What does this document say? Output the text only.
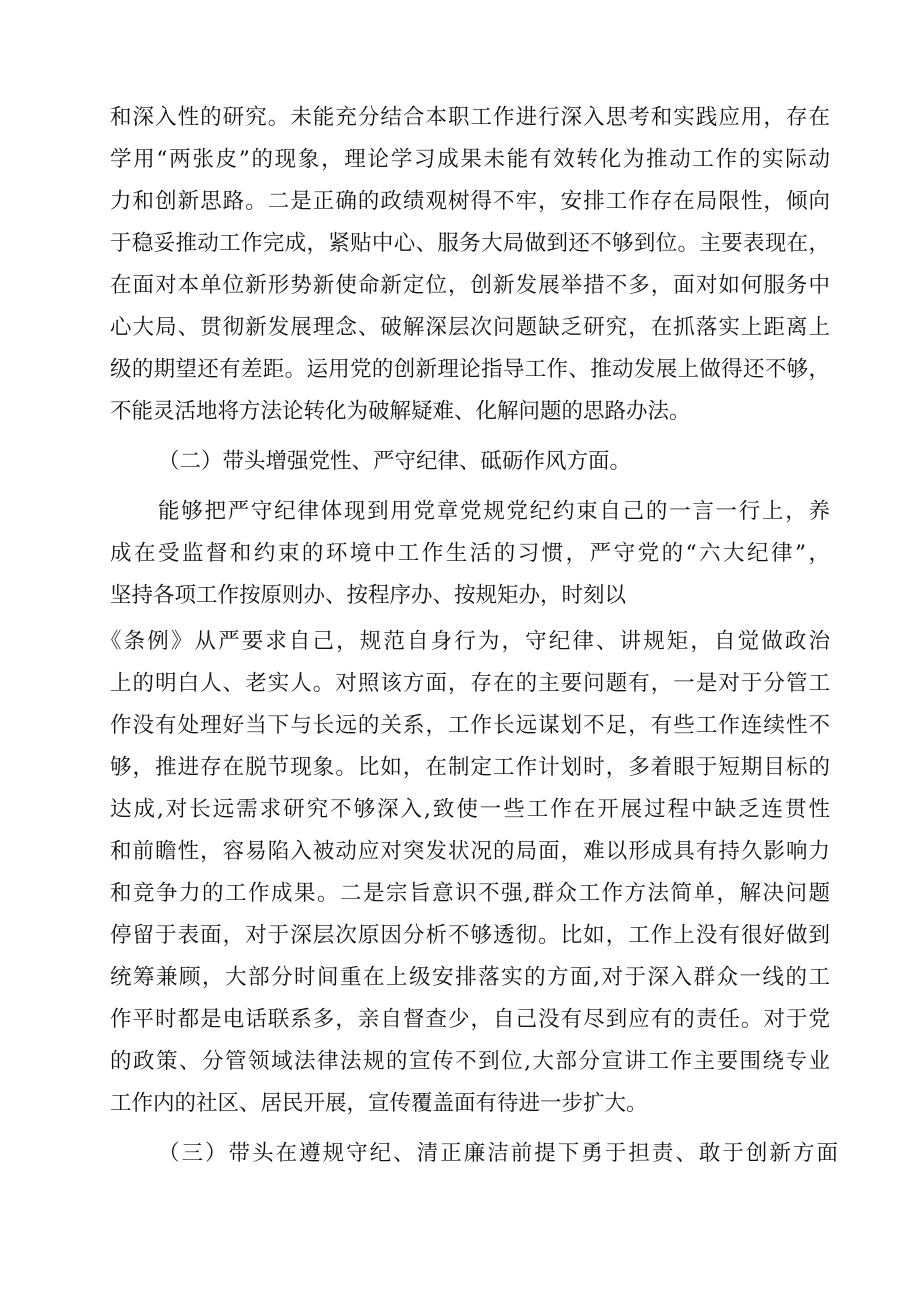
和深入性的研究。未能充分结合本职工作进行深入思考和实践应用，存在
学用“两张皮”的现象，理论学习成果未能有效转化为推动工作的实际动
力和创新思路。二是正确的政绩观树得不牢，安排工作存在局限性，倾向
于稳妥推动工作完成，紧贴中心、服务大局做到还不够到位。主要表现在，
在面对本单位新形势新使命新定位，创新发展举措不多，面对如何服务中
心大局、贯彻新发展理念、破解深层次问题缺乏研究，在抓落实上距离上
级的期望还有差距。运用党的创新理论指导工作、推动发展上做得还不够，
不能灵活地将方法论转化为破解疑难、化解问题的思路办法。
（二）带头增强党性、严守纪律、砥砺作风方面。
能够把严守纪律体现到用党章党规党纪约束自己的一言一行上，养
成在受监督和约束的环境中工作生活的习惯，严守党的“六大纪律”，
坚持各项工作按原则办、按程序办、按规矩办，时刻以
《条例》从严要求自己，规范自身行为，守纪律、讲规矩，自觉做政治
上的明白人、老实人。对照该方面，存在的主要问题有，一是对于分管工
作没有处理好当下与长远的关系，工作长远谋划不足，有些工作连续性不
够，推进存在脱节现象。比如，在制定工作计划时，多着眼于短期目标的
达成,对长远需求研究不够深入,致使一些工作在开展过程中缺乏连贯性
和前瞻性，容易陷入被动应对突发状况的局面，难以形成具有持久影响力
和竞争力的工作成果。二是宗旨意识不强,群众工作方法简单，解决问题
停留于表面，对于深层次原因分析不够透彻。比如，工作上没有很好做到
统筹兼顾，大部分时间重在上级安排落实的方面,对于深入群众一线的工
作平时都是电话联系多，亲自督查少，自己没有尽到应有的责任。对于党
的政策、分管领域法律法规的宣传不到位,大部分宣讲工作主要围绕专业
工作内的社区、居民开展，宣传覆盖面有待进一步扩大。
（三）带头在遵规守纪、清正廉洁前提下勇于担责、敢于创新方面
